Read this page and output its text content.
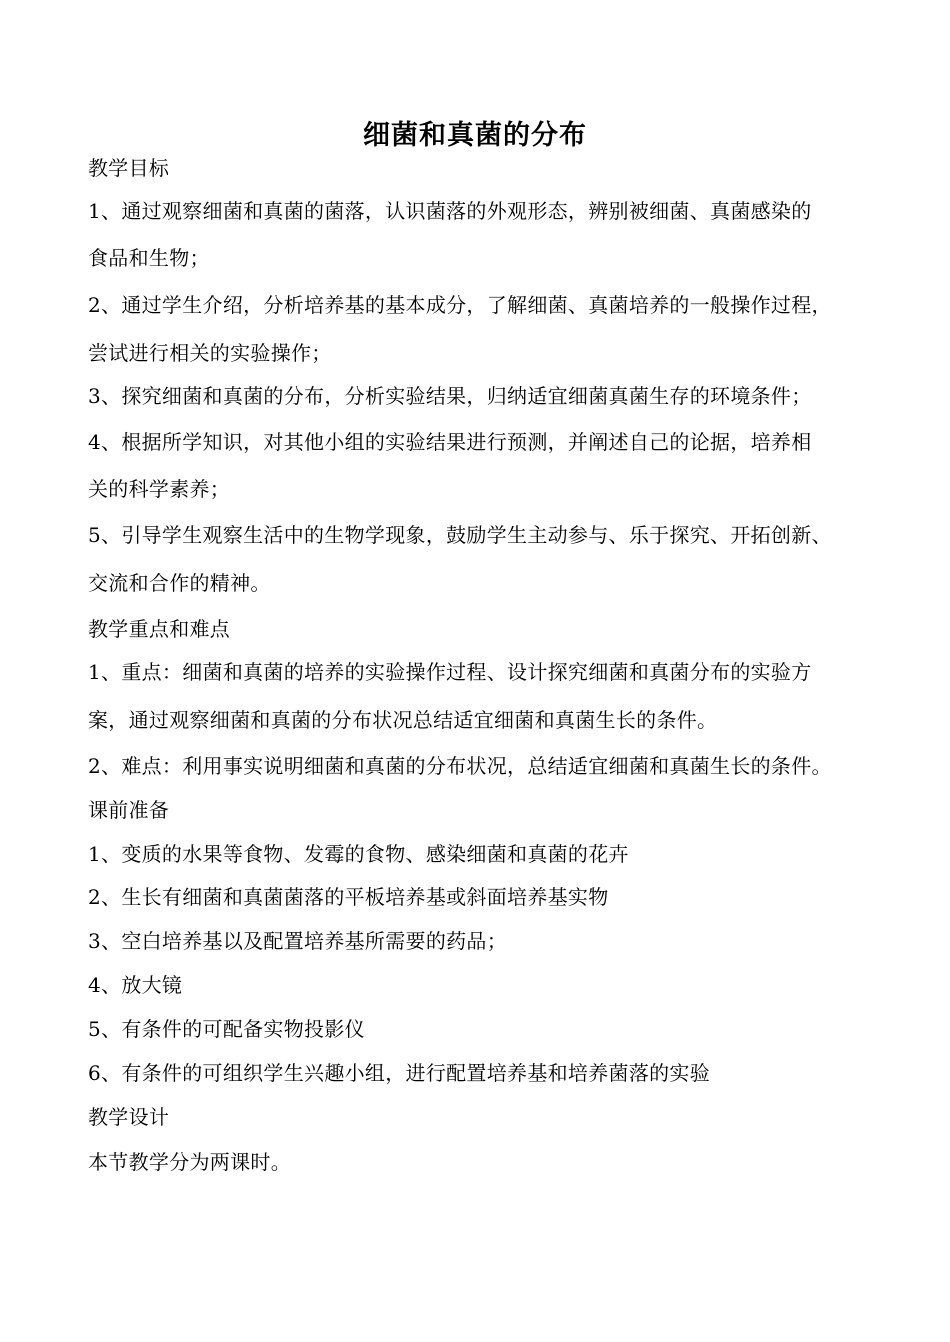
细菌和真菌的分布
教学目标
1、通过观察细菌和真菌的菌落，认识菌落的外观形态，辨别被细菌、真菌感染的
食品和生物；
2、通过学生介绍，分析培养基的基本成分，了解细菌、真菌培养的一般操作过程，
尝试进行相关的实验操作；
3、探究细菌和真菌的分布，分析实验结果，归纳适宜细菌真菌生存的环境条件；
4、根据所学知识，对其他小组的实验结果进行预测，并阐述自己的论据，培养相
关的科学素养；
5、引导学生观察生活中的生物学现象，鼓励学生主动参与、乐于探究、开拓创新、
交流和合作的精神。
教学重点和难点
1、重点：细菌和真菌的培养的实验操作过程、设计探究细菌和真菌分布的实验方
案，通过观察细菌和真菌的分布状况总结适宜细菌和真菌生长的条件。
2、难点：利用事实说明细菌和真菌的分布状况，总结适宜细菌和真菌生长的条件。
课前准备
1、变质的水果等食物、发霉的食物、感染细菌和真菌的花卉
2、生长有细菌和真菌菌落的平板培养基或斜面培养基实物
3、空白培养基以及配置培养基所需要的药品；
4、放大镜
5、有条件的可配备实物投影仪
6、有条件的可组织学生兴趣小组，进行配置培养基和培养菌落的实验
教学设计
本节教学分为两课时。
